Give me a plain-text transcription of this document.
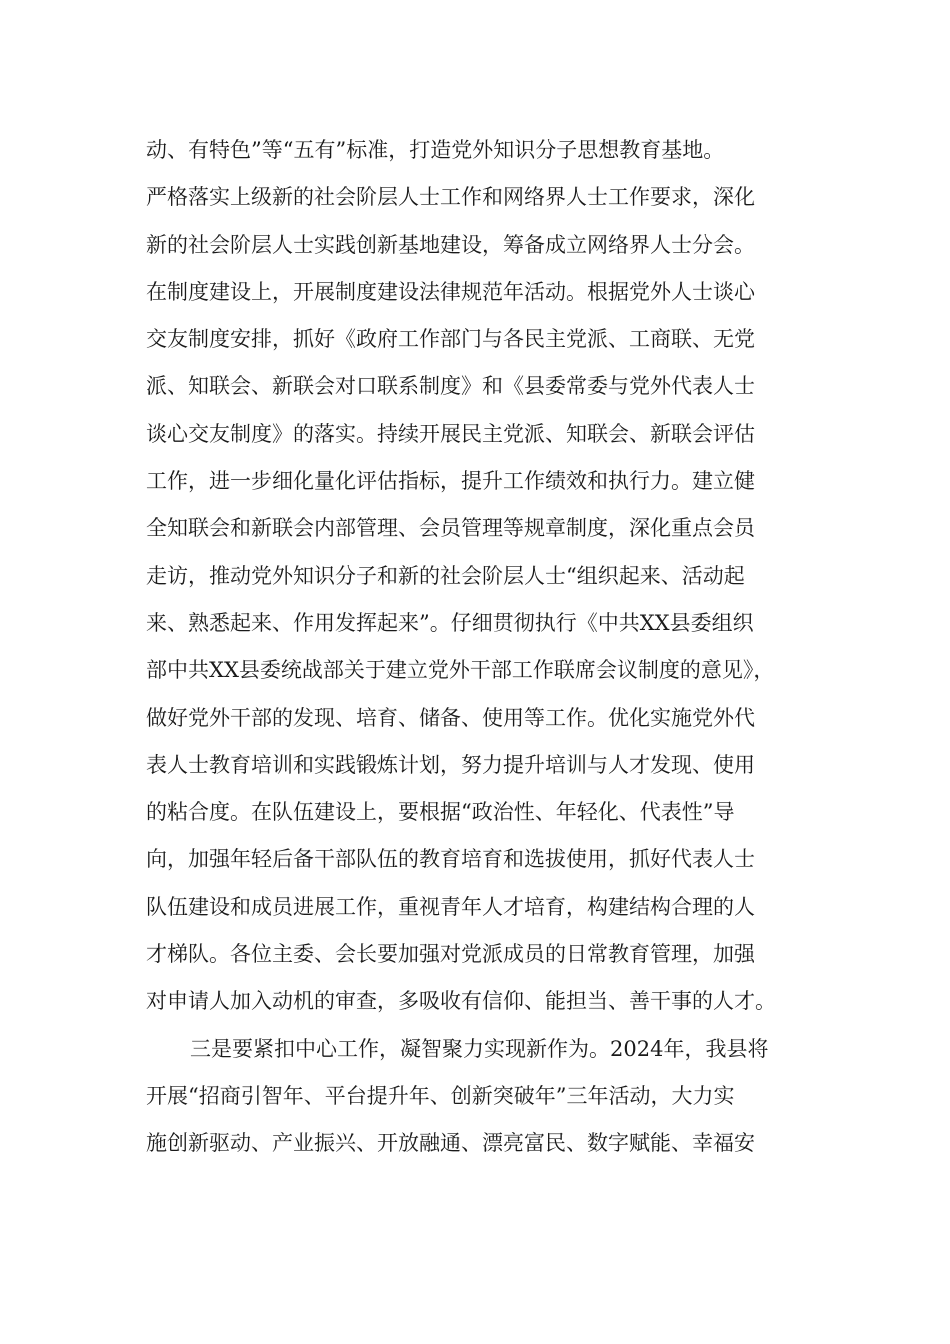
动、有特色”等“五有”标准，打造党外知识分子思想教育基地。
严格落实上级新的社会阶层人士工作和网络界人士工作要求，深化
新的社会阶层人士实践创新基地建设，筹备成立网络界人士分会。
在制度建设上，开展制度建设法律规范年活动。根据党外人士谈心
交友制度安排，抓好《政府工作部门与各民主党派、工商联、无党
派、知联会、新联会对口联系制度》和《县委常委与党外代表人士
谈心交友制度》的落实。持续开展民主党派、知联会、新联会评估
工作，进一步细化量化评估指标，提升工作绩效和执行力。建立健
全知联会和新联会内部管理、会员管理等规章制度，深化重点会员
走访，推动党外知识分子和新的社会阶层人士“组织起来、活动起
来、熟悉起来、作用发挥起来”。仔细贯彻执行《中共XX县委组织
部中共XX县委统战部关于建立党外干部工作联席会议制度的意见》，
做好党外干部的发现、培育、储备、使用等工作。优化实施党外代
表人士教育培训和实践锻炼计划，努力提升培训与人才发现、使用
的粘合度。在队伍建设上，要根据“政治性、年轻化、代表性”导
向，加强年轻后备干部队伍的教育培育和选拔使用，抓好代表人士
队伍建设和成员进展工作，重视青年人才培育，构建结构合理的人
才梯队。各位主委、会长要加强对党派成员的日常教育管理，加强
对申请人加入动机的审查，多吸收有信仰、能担当、善干事的人才。
三是要紧扣中心工作，凝智聚力实现新作为。2024年，我县将
开展“招商引智年、平台提升年、创新突破年”三年活动，大力实
施创新驱动、产业振兴、开放融通、漂亮富民、数字赋能、幸福安
